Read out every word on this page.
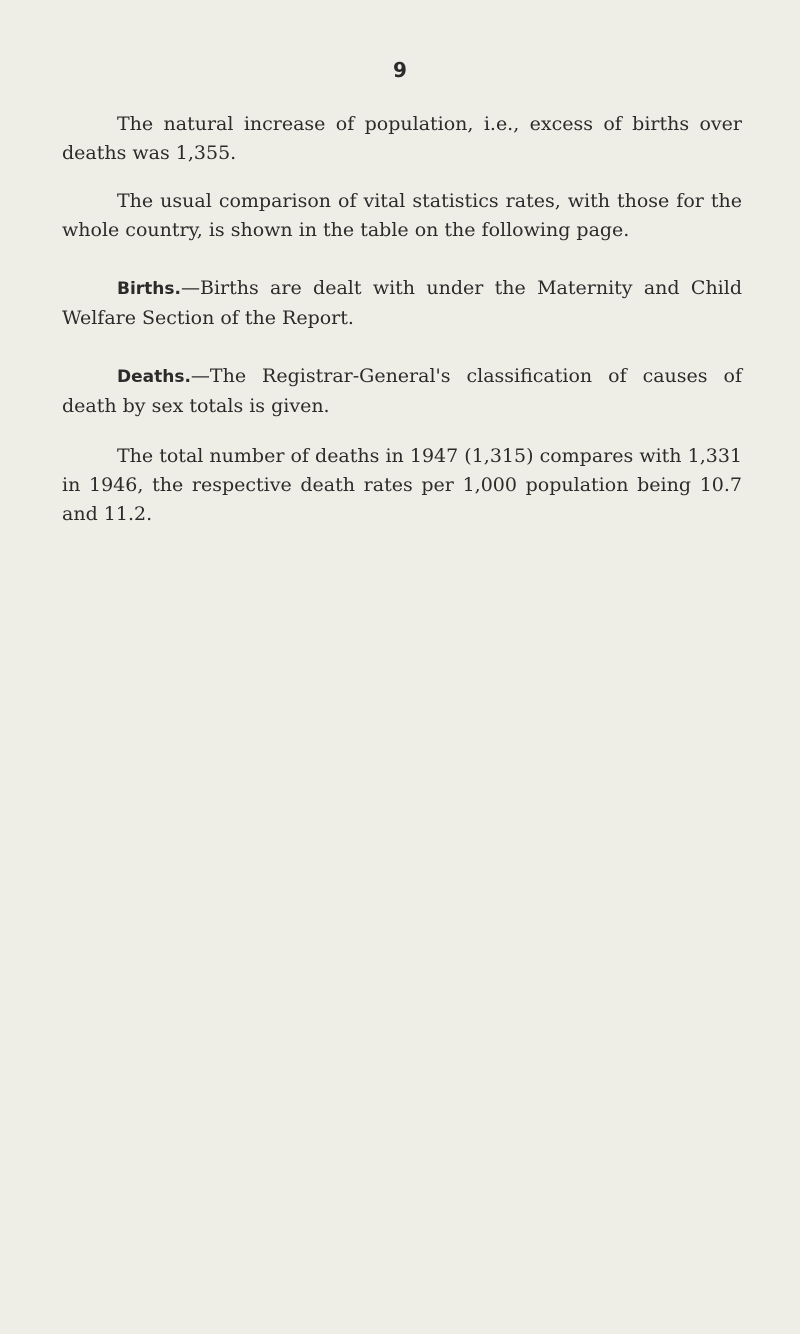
9

The natural increase of population, i.e., excess of births over deaths was 1,355.

The usual comparison of vital statistics rates, with those for the whole country, is shown in the table on the following page.

Births.—Births are dealt with under the Maternity and Child Welfare Section of the Report.

Deaths.—The Registrar-General's classification of causes of death by sex totals is given.

The total number of deaths in 1947 (1,315) compares with 1,331 in 1946, the respective death rates per 1,000 population being 10.7 and 11.2.
